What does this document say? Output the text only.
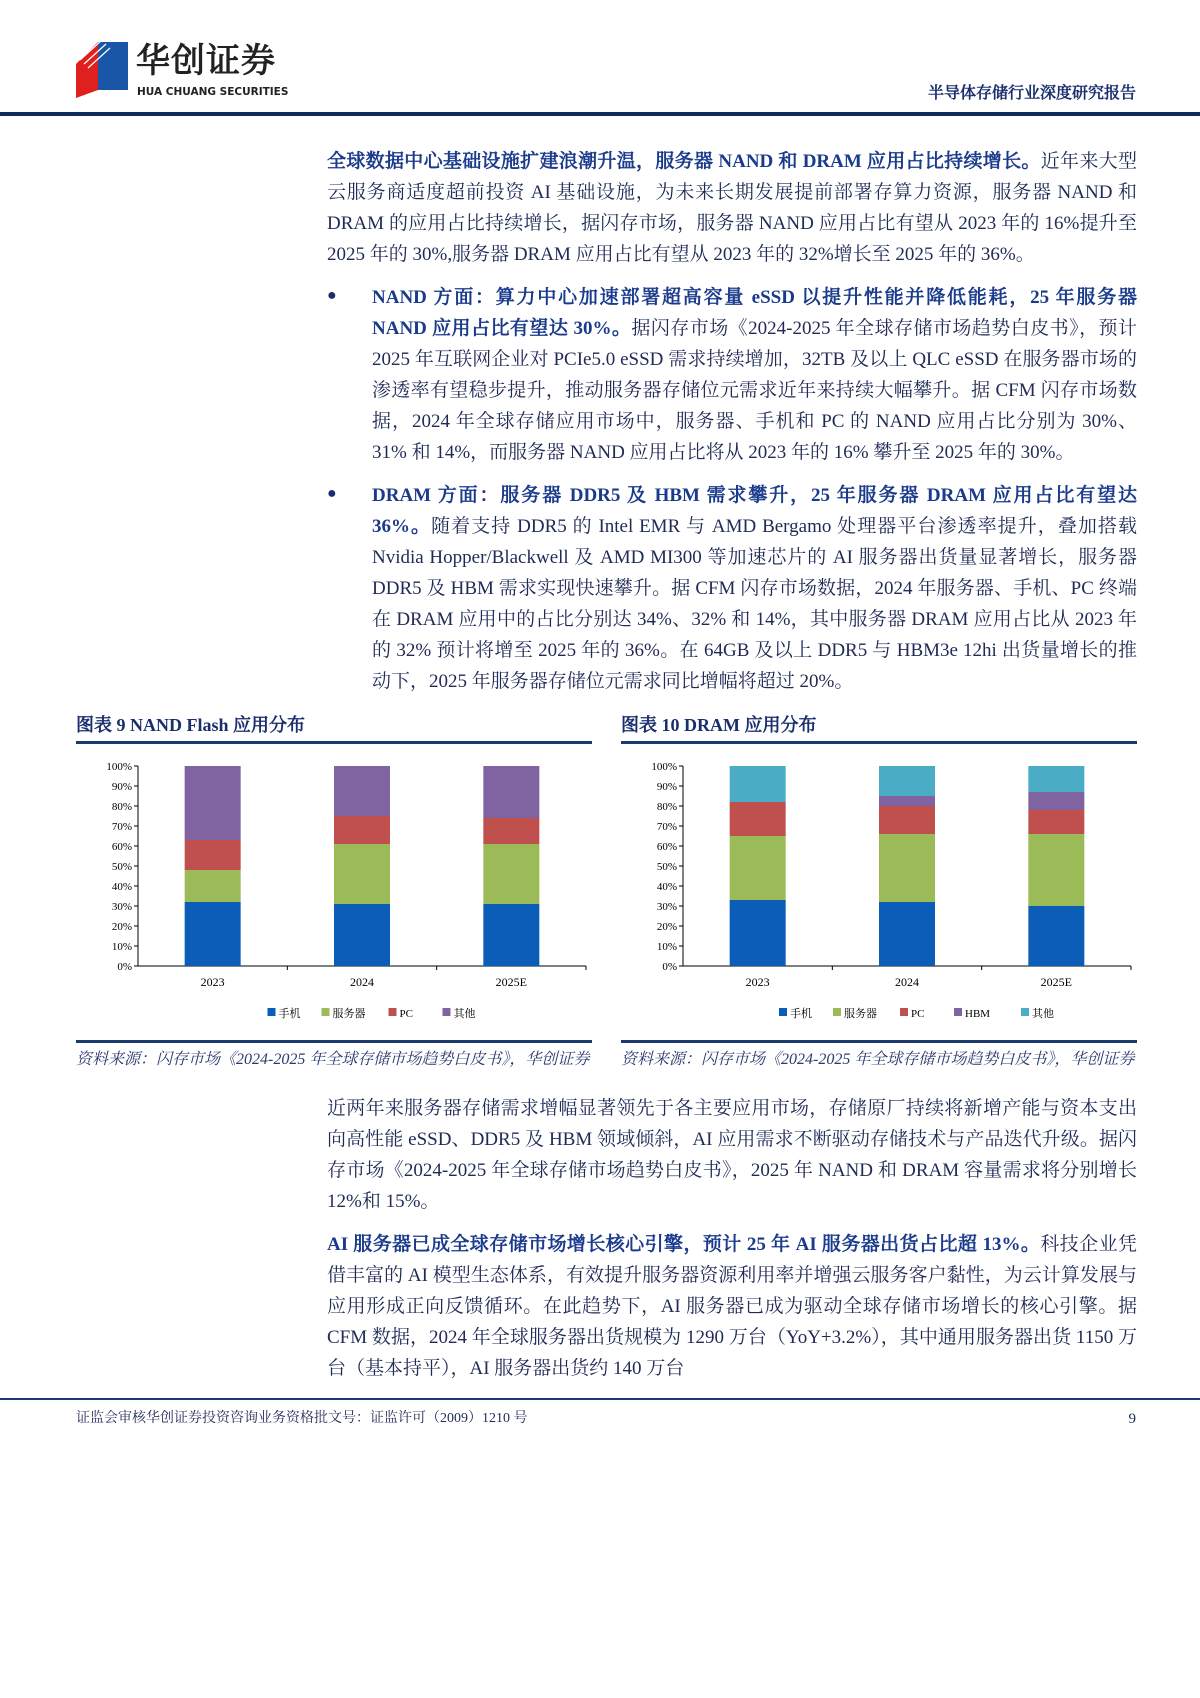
华创证券
HUA CHUANG SECURITIES	半导体存储行业深度研究报告
全球数据中心基础设施扩建浪潮升温，服务器 NAND 和 DRAM 应用占比持续增长。近年来大型云服务商适度超前投资 AI 基础设施，为未来长期发展提前部署存算力资源，服务器 NAND 和 DRAM 的应用占比持续增长，据闪存市场，服务器 NAND 应用占比有望从 2023 年的 16%提升至 2025 年的 30%,服务器 DRAM 应用占比有望从 2023 年的 32%增长至 2025 年的 36%。
● NAND 方面：算力中心加速部署超高容量 eSSD 以提升性能并降低能耗，25 年服务器 NAND 应用占比有望达 30%。据闪存市场《2024-2025 年全球存储市场趋势白皮书》，预计 2025 年互联网企业对 PCIe5.0 eSSD 需求持续增加，32TB 及以上 QLC eSSD 在服务器市场的渗透率有望稳步提升，推动服务器存储位元需求近年来持续大幅攀升。据 CFM 闪存市场数据，2024 年全球存储应用市场中，服务器、手机和 PC 的 NAND 应用占比分别为 30%、31% 和 14%，而服务器 NAND 应用占比将从 2023 年的 16% 攀升至 2025 年的 30%。
● DRAM 方面：服务器 DDR5 及 HBM 需求攀升，25 年服务器 DRAM 应用占比有望达 36%。随着支持 DDR5 的 Intel EMR 与 AMD Bergamo 处理器平台渗透率提升，叠加搭载 Nvidia Hopper/Blackwell 及 AMD MI300 等加速芯片的 AI 服务器出货量显著增长，服务器 DDR5 及 HBM 需求实现快速攀升。据 CFM 闪存市场数据，2024 年服务器、手机、PC 终端在 DRAM 应用中的占比分别达 34%、32% 和 14%，其中服务器 DRAM 应用占比从 2023 年的 32% 预计将增至 2025 年的 36%。在 64GB 及以上 DDR5 与 HBM3e 12hi 出货量增长的推动下，2025 年服务器存储位元需求同比增幅将超过 20%。
图表 9 NAND Flash 应用分布
0%
10%
20%
30%
40%
50%
60%
70%
80%
90%
100%
2023	2024	2025E
手机	服务器	PC	其他
资料来源：闪存市场《2024-2025 年全球存储市场趋势白皮书》，华创证券
图表 10 DRAM 应用分布
0%
10%
20%
30%
40%
50%
60%
70%
80%
90%
100%
2023	2024	2025E
手机	服务器	PC	HBM	其他
资料来源：闪存市场《2024-2025 年全球存储市场趋势白皮书》，华创证券
近两年来服务器存储需求增幅显著领先于各主要应用市场，存储原厂持续将新增产能与资本支出向高性能 eSSD、DDR5 及 HBM 领域倾斜，AI 应用需求不断驱动存储技术与产品迭代升级。据闪存市场《2024-2025 年全球存储市场趋势白皮书》，2025 年 NAND 和 DRAM 容量需求将分别增长 12%和 15%。
AI 服务器已成全球存储市场增长核心引擎，预计 25 年 AI 服务器出货占比超 13%。科技企业凭借丰富的 AI 模型生态体系，有效提升服务器资源利用率并增强云服务客户黏性，为云计算发展与应用形成正向反馈循环。在此趋势下，AI 服务器已成为驱动全球存储市场增长的核心引擎。据 CFM 数据，2024 年全球服务器出货规模为 1290 万台（YoY+3.2%），其中通用服务器出货 1150 万台（基本持平），AI 服务器出货约 140 万台
证监会审核华创证券投资咨询业务资格批文号：证监许可（2009）1210 号	9
